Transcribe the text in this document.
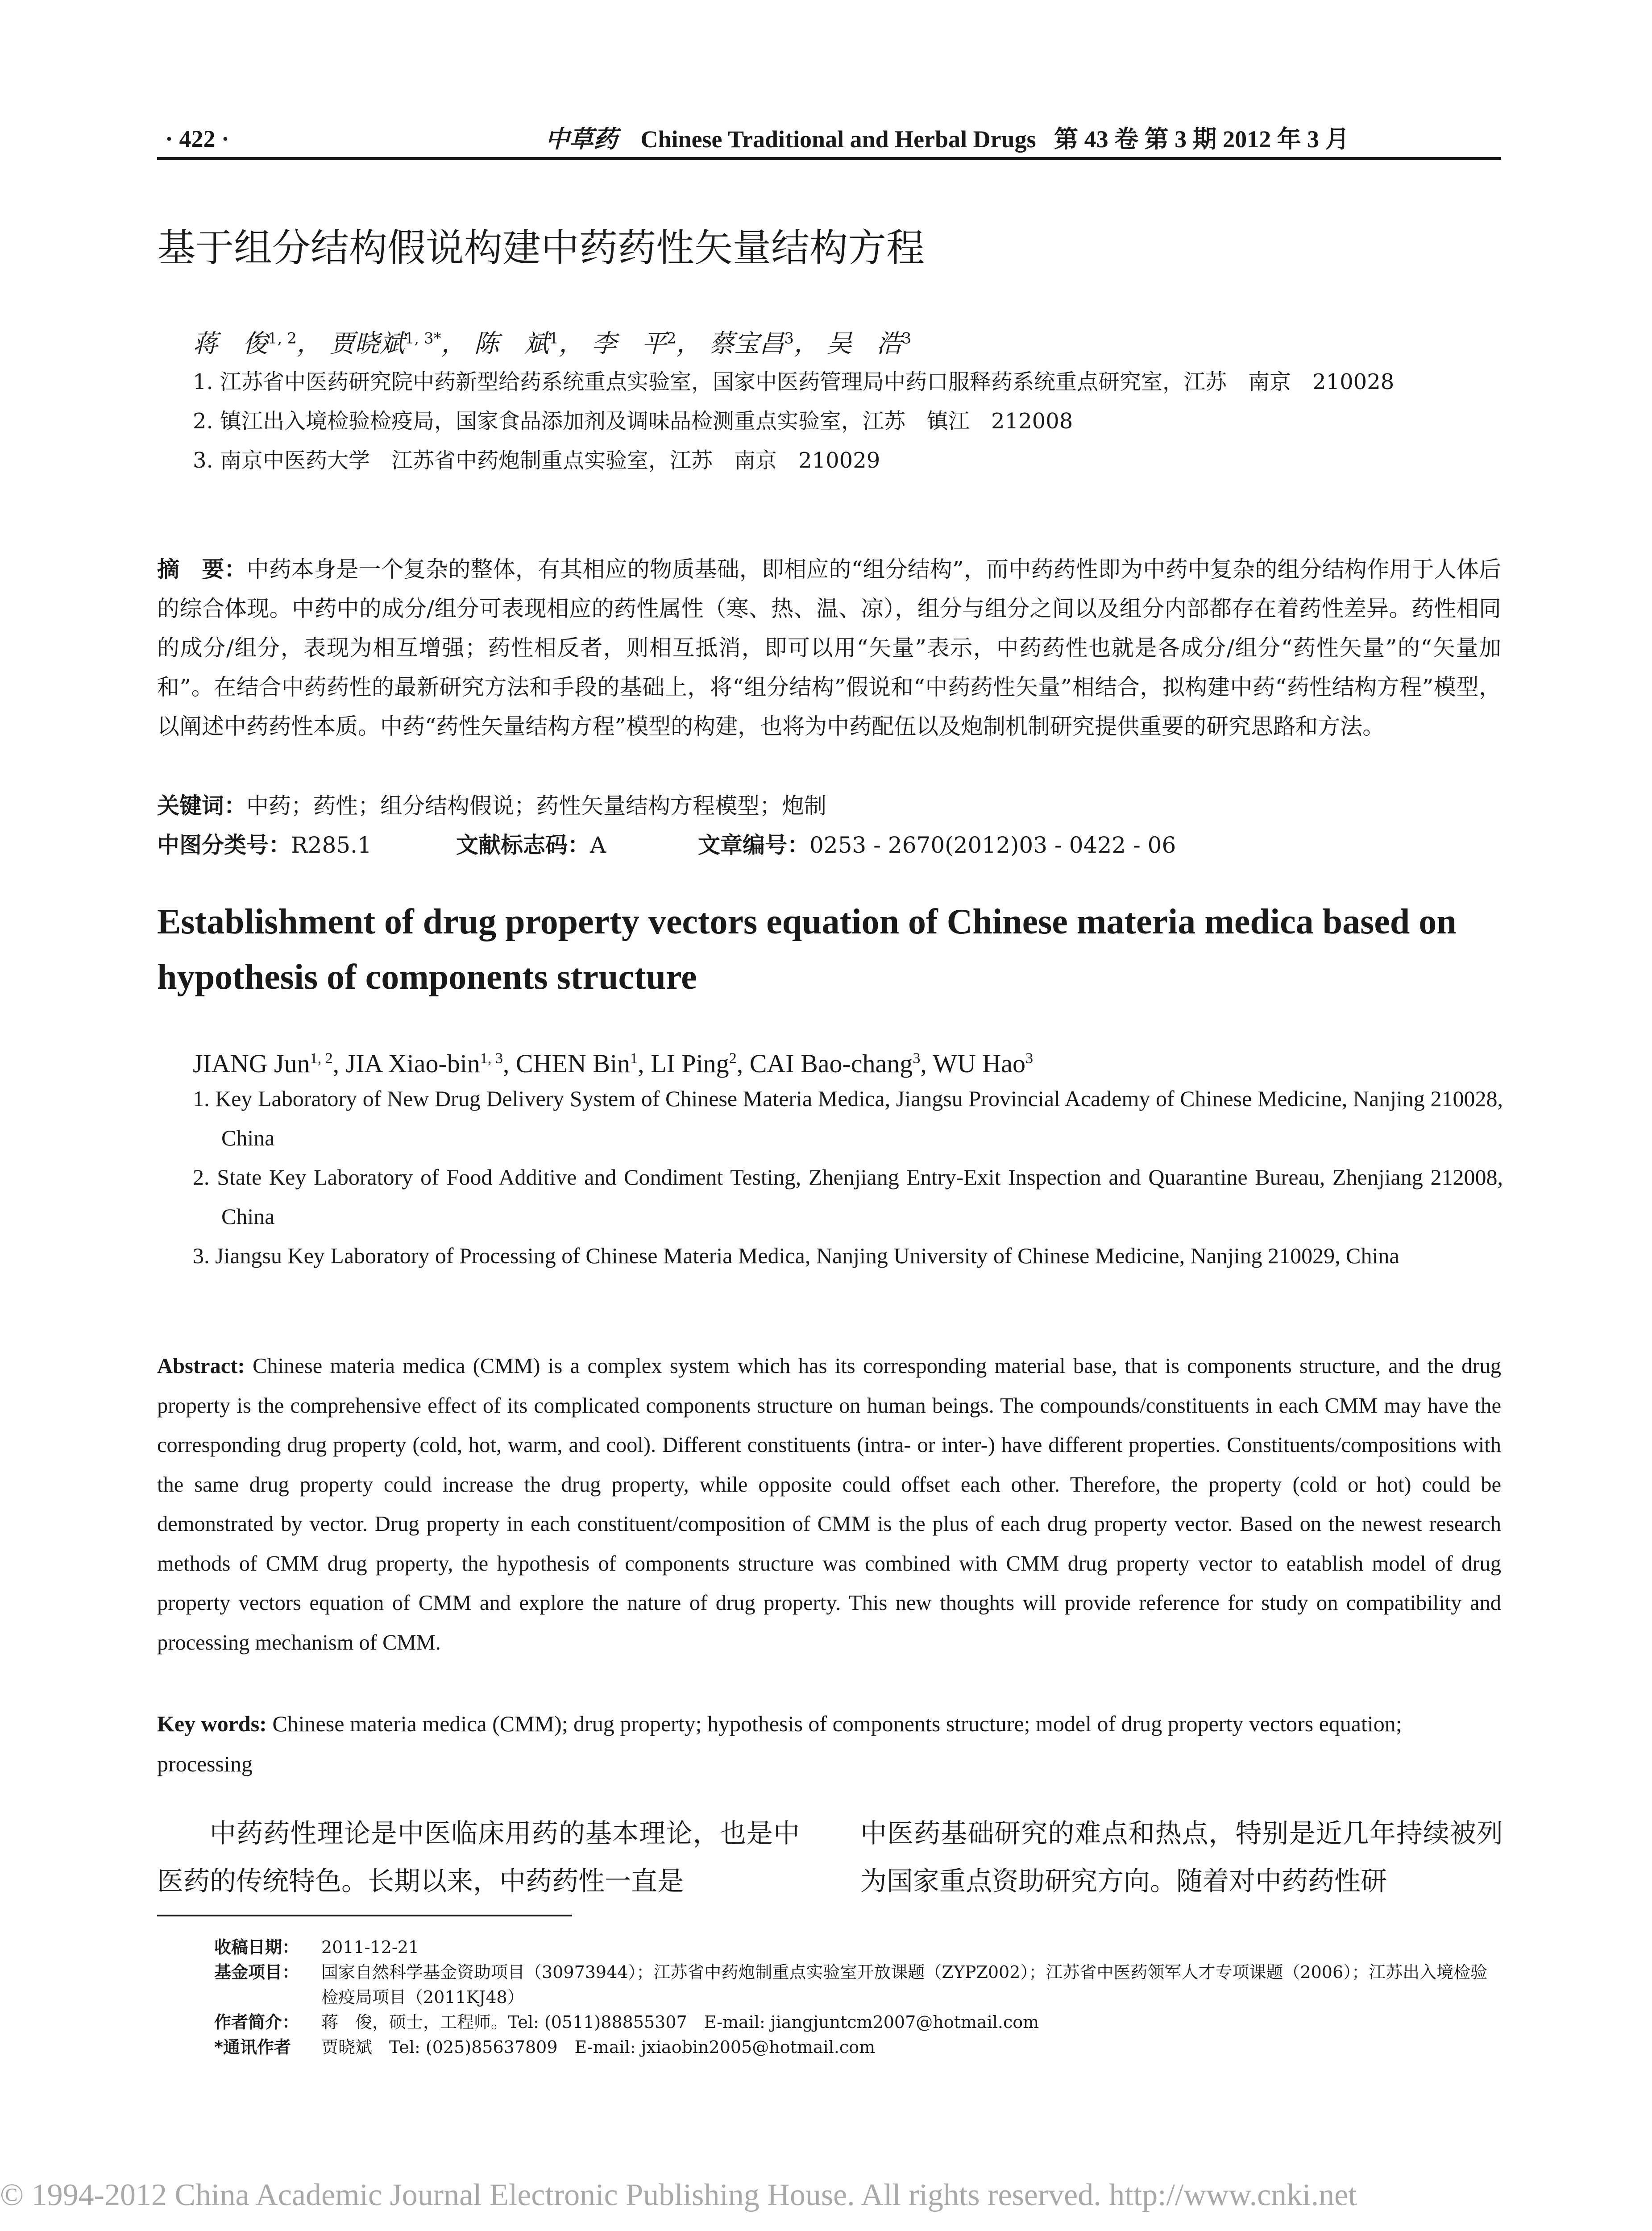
· 422 ·	中草药 Chinese Traditional and Herbal Drugs 第 43 卷 第 3 期 2012 年 3 月
基于组分结构假说构建中药药性矢量结构方程
蒋　俊$^{1, 2}$， 贾晓斌$^{1, 3*}$， 陈　斌$^1$， 李　平$^2$， 蔡宝昌$^3$， 吴　浩$^3$

1. 江苏省中医药研究院中药新型给药系统重点实验室，国家中医药管理局中药口服释药系统重点研究室，江苏　南京　210028

2. 镇江出入境检验检疫局，国家食品添加剂及调味品检测重点实验室，江苏　镇江　212008

3. 南京中医药大学　江苏省中药炮制重点实验室，江苏　南京　210029

摘　要：中药本身是一个复杂的整体，有其相应的物质基础，即相应的“组分结构”，而中药药性即为中药中复杂的组分结构作用于人体后的综合体现。中药中的成分/组分可表现相应的药性属性（寒、热、温、凉），组分与组分之间以及组分内部都存在着药性差异。药性相同的成分/组分，表现为相互增强；药性相反者，则相互抵消，即可以用“矢量”表示，中药药性也就是各成分/组分“药性矢量”的“矢量加和”。在结合中药药性的最新研究方法和手段的基础上，将“组分结构”假说和“中药药性矢量”相结合，拟构建中药“药性结构方程”模型，以阐述中药药性本质。中药“药性矢量结构方程”模型的构建，也将为中药配伍以及炮制机制研究提供重要的研究思路和方法。

关键词：中药；药性；组分结构假说；药性矢量结构方程模型；炮制
中图分类号：R285.1	文献标志码：A	文章编号：0253 - 2670(2012)03 - 0422 - 06
Establishment of drug property vectors equation of Chinese materia medica based on hypothesis of components structure
JIANG Jun$^{1, 2}$, JIA Xiao-bin$^{1, 3}$, CHEN Bin$^1$, LI Ping$^2$, CAI Bao-chang$^3$, WU Hao$^3$

1. Key Laboratory of New Drug Delivery System of Chinese Materia Medica, Jiangsu Provincial Academy of Chinese Medicine, Nanjing 210028, China

2. State Key Laboratory of Food Additive and Condiment Testing, Zhenjiang Entry-Exit Inspection and Quarantine Bureau, Zhenjiang 212008, China

3. Jiangsu Key Laboratory of Processing of Chinese Materia Medica, Nanjing University of Chinese Medicine, Nanjing 210029, China

Abstract: Chinese materia medica (CMM) is a complex system which has its corresponding material base, that is components structure, and the drug property is the comprehensive effect of its complicated components structure on human beings. The compounds/constituents in each CMM may have the corresponding drug property (cold, hot, warm, and cool). Different constituents (intra- or inter-) have different properties. Constituents/compositions with the same drug property could increase the drug property, while opposite could offset each other. Therefore, the property (cold or hot) could be demonstrated by vector. Drug property in each constituent/composition of CMM is the plus of each drug property vector. Based on the newest research methods of CMM drug property, the hypothesis of components structure was combined with CMM drug property vector to eatablish model of drug property vectors equation of CMM and explore the nature of drug property. This new thoughts will provide reference for study on compatibility and processing mechanism of CMM.

Key words: Chinese materia medica (CMM); drug property; hypothesis of components structure; model of drug property vectors equation; processing

中药药性理论是中医临床用药的基本理论，也是中医药的传统特色。长期以来，中药药性一直是

中医药基础研究的难点和热点，特别是近几年持续被列为国家重点资助研究方向。随着对中药药性研

收稿日期： 2011-12-21
基金项目： 国家自然科学基金资助项目（30973944）；江苏省中药炮制重点实验室开放课题（ZYPZ002）；江苏省中医药领军人才专项课题（2006）；江苏出入境检验检疫局项目（2011KJ48）
作者简介： 蒋　俊，硕士，工程师。Tel: (0511)88855307　E-mail: jiangjuntcm2007@hotmail.com
*通讯作者 贾晓斌　Tel: (025)85637809　E-mail: jxiaobin2005@hotmail.com
© 1994-2012 China Academic Journal Electronic Publishing House. All rights reserved. http://www.cnki.net
